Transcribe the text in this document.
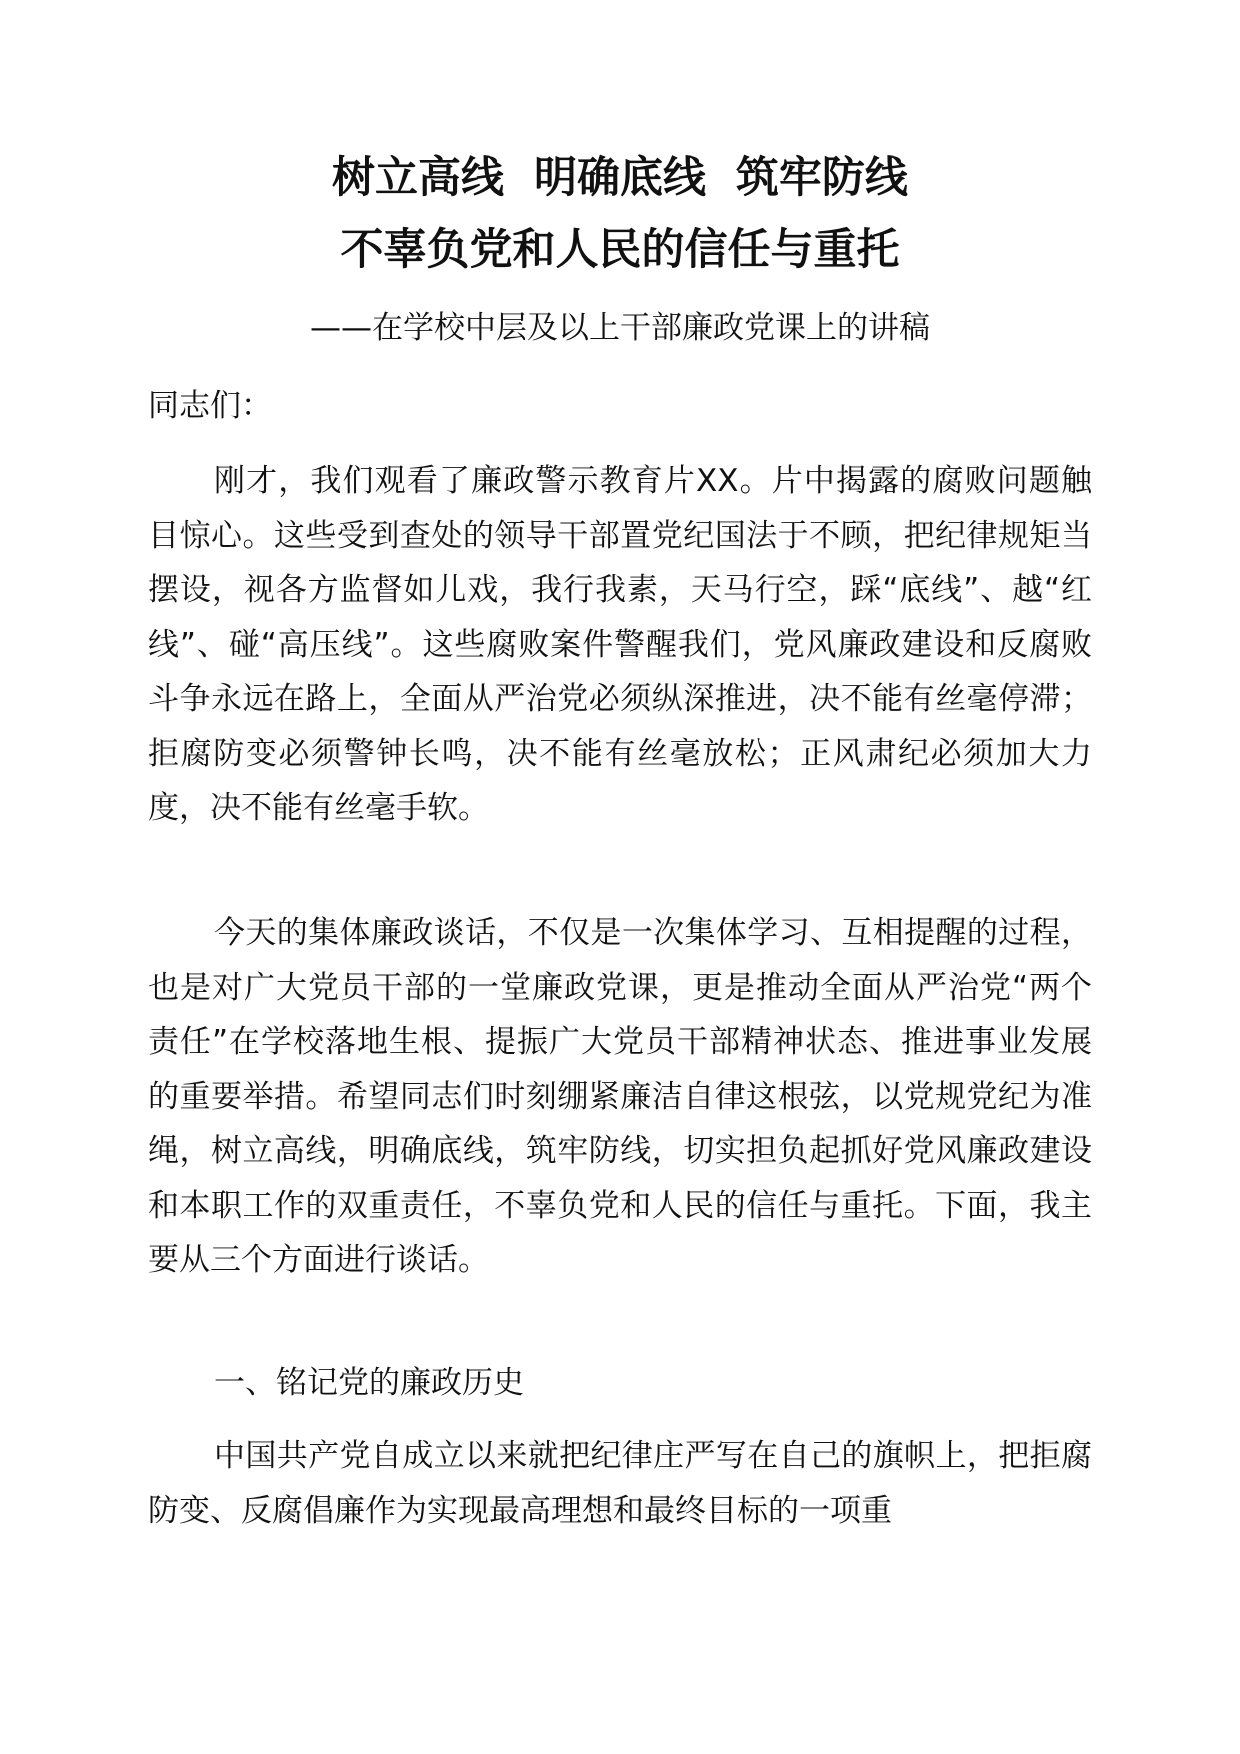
树立高线  明确底线  筑牢防线
不辜负党和人民的信任与重托
——在学校中层及以上干部廉政党课上的讲稿
同志们：

刚才，我们观看了廉政警示教育片XX。片中揭露的腐败问题触目惊心。这些受到查处的领导干部置党纪国法于不顾，把纪律规矩当摆设，视各方监督如儿戏，我行我素，天马行空，踩“底线”、越“红线”、碰“高压线”。这些腐败案件警醒我们，党风廉政建设和反腐败斗争永远在路上，全面从严治党必须纵深推进，决不能有丝毫停滞；拒腐防变必须警钟长鸣，决不能有丝毫放松；正风肃纪必须加大力度，决不能有丝毫手软。

今天的集体廉政谈话，不仅是一次集体学习、互相提醒的过程，也是对广大党员干部的一堂廉政党课，更是推动全面从严治党“两个责任”在学校落地生根、提振广大党员干部精神状态、推进事业发展的重要举措。希望同志们时刻绷紧廉洁自律这根弦，以党规党纪为准绳，树立高线，明确底线，筑牢防线，切实担负起抓好党风廉政建设和本职工作的双重责任，不辜负党和人民的信任与重托。下面，我主要从三个方面进行谈话。

一、铭记党的廉政历史

中国共产党自成立以来就把纪律庄严写在自己的旗帜上，把拒腐防变、反腐倡廉作为实现最高理想和最终目标的一项重
